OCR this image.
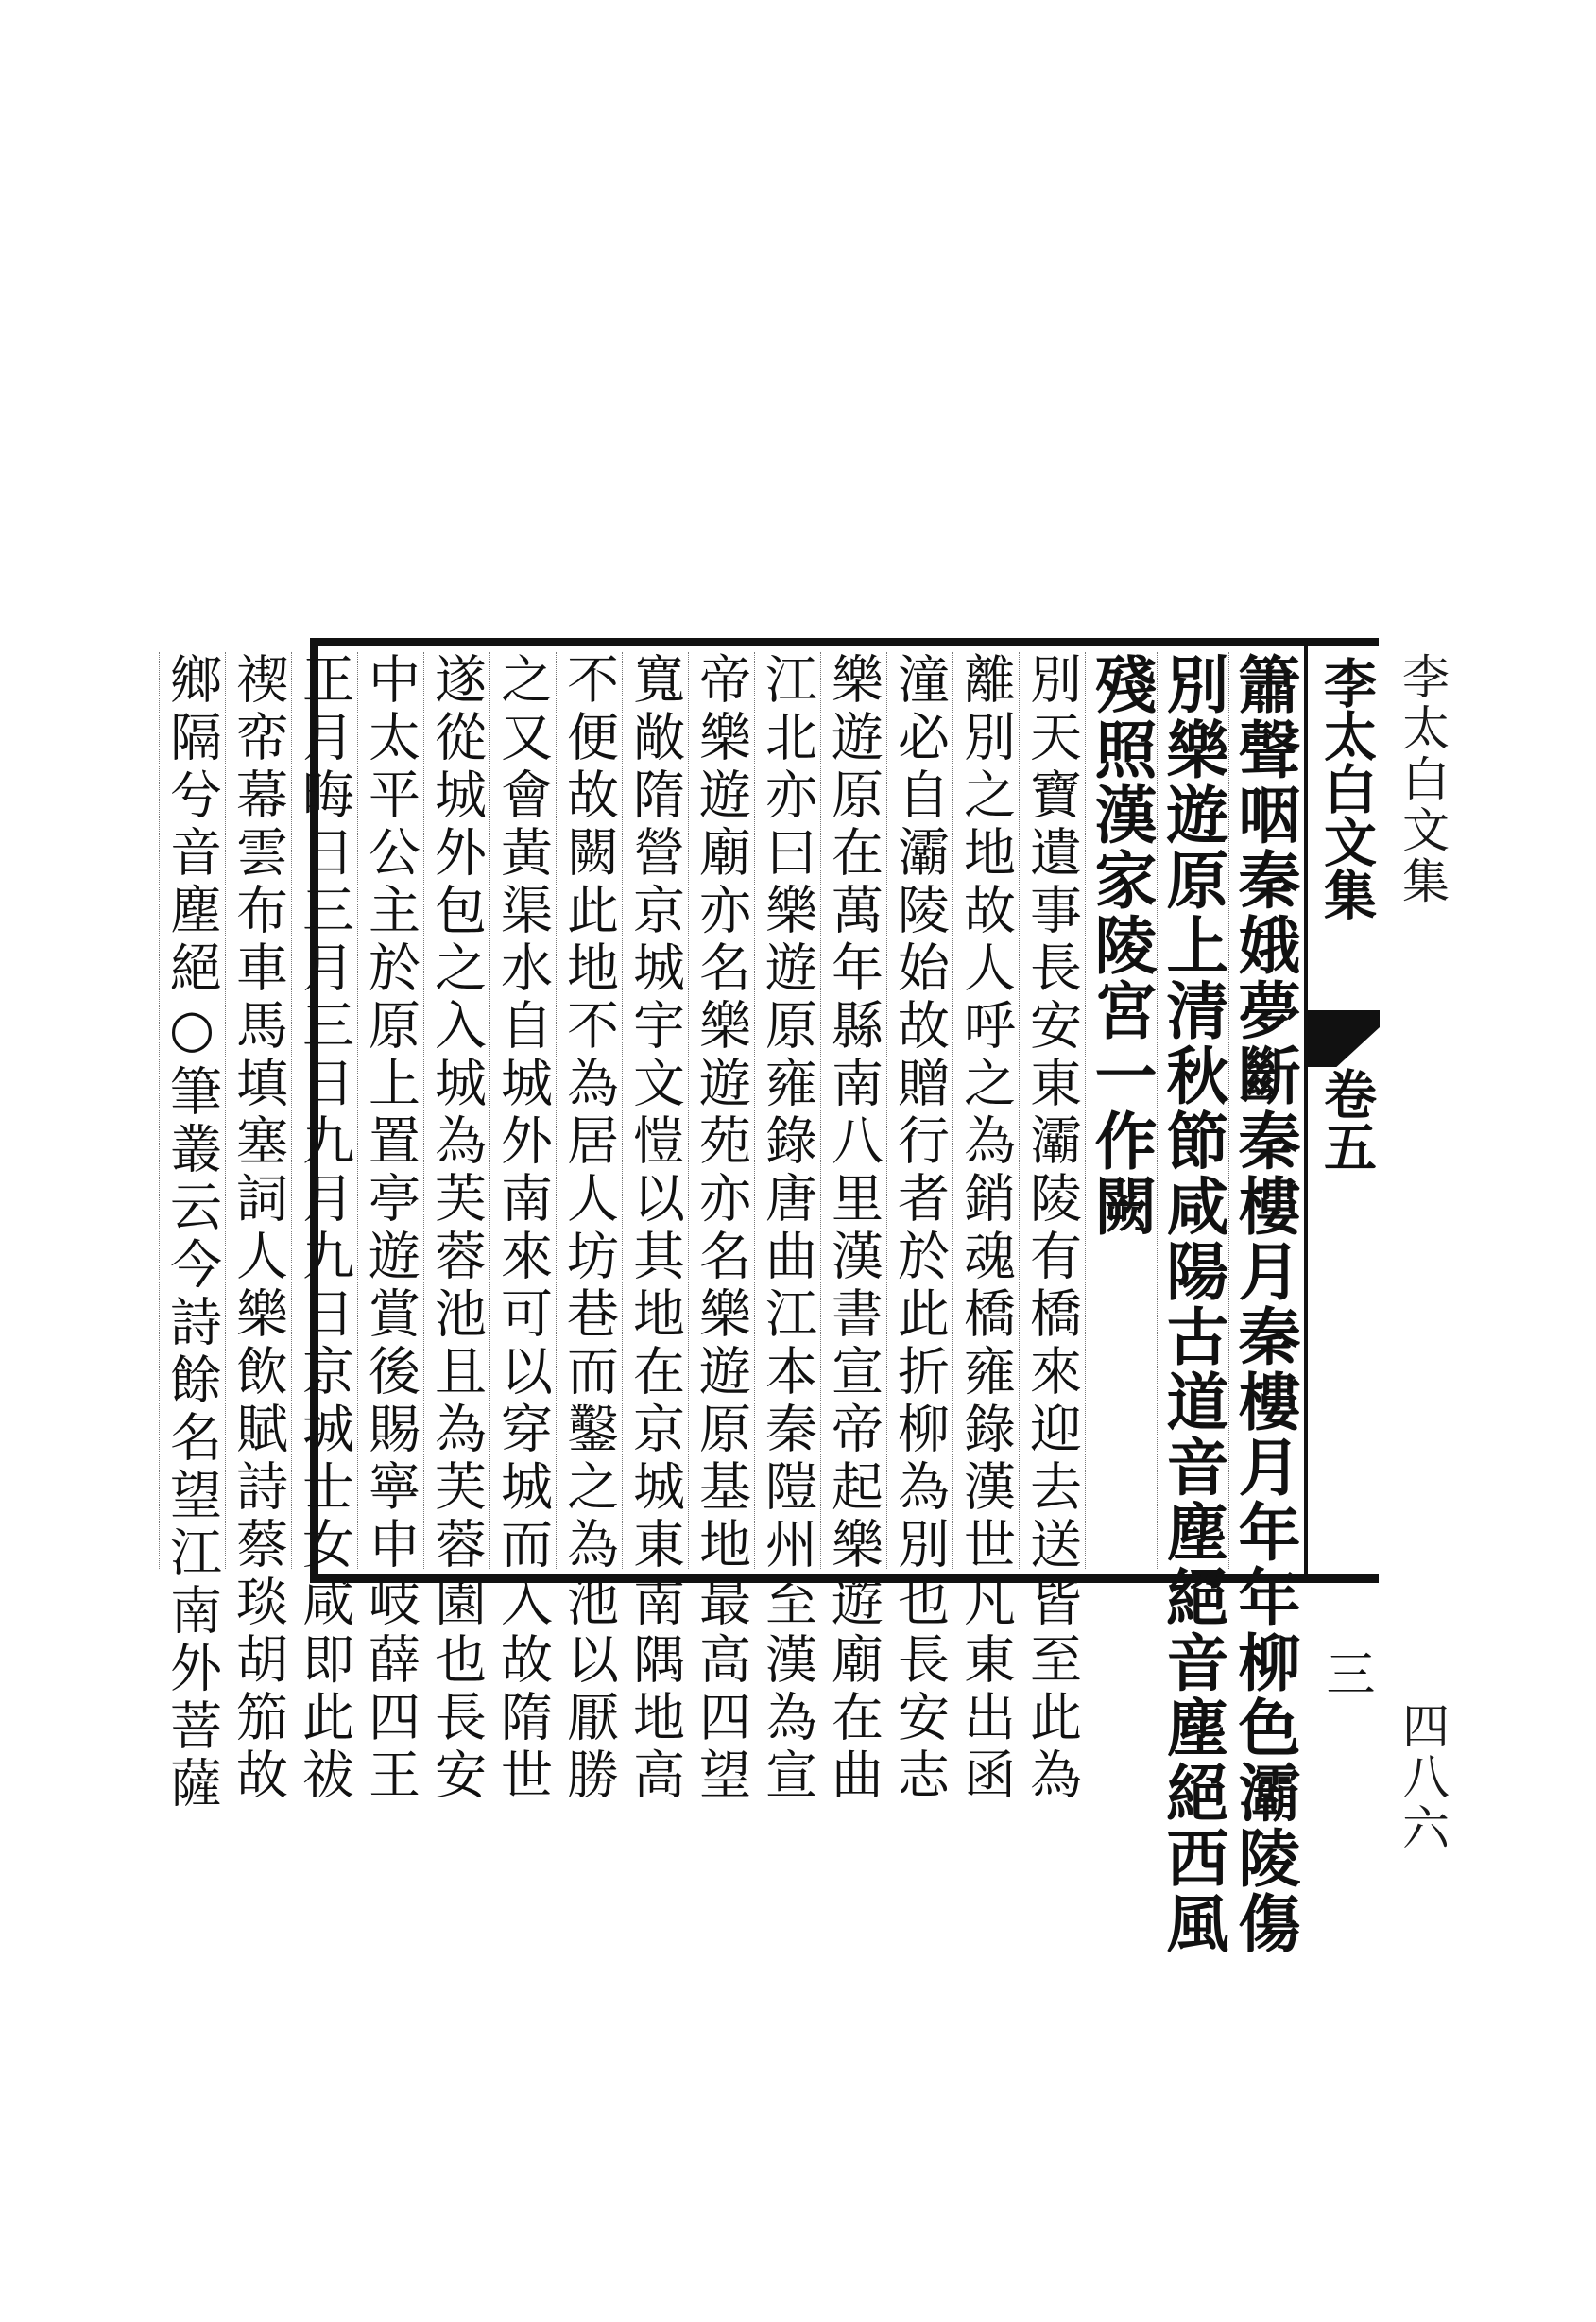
李太白文集
四八六
李太白文集
卷五
三
簫聲咽秦娥夢斷秦樓月秦樓月年年柳色灞陵傷
別樂遊原上清秋節咸陽古道音塵絕音塵絕西風
殘照漢家陵宮一作闕
別天寶遺事長安東灞陵有橋來迎去送皆至此為
離別之地故人呼之為銷魂橋雍錄漢世凡東出函
潼必自灞陵始故贈行者於此折柳為別也長安志
樂遊原在萬年縣南八里漢書宣帝起樂遊廟在曲
江北亦曰樂遊原雍錄唐曲江本秦隑州至漢為宣
帝樂遊廟亦名樂遊苑亦名樂遊原基地最高四望
寬敞隋營京城宇文愷以其地在京城東南隅地高
不便故闕此地不為居人坊巷而鑿之為池以厭勝
之又會黃渠水自城外南來可以穿城而入故隋世
遂從城外包之入城為芙蓉池且為芙蓉園也長安
中太平公主於原上置亭遊賞後賜寧申岐薛四王
正月晦日三月三日九月九日京城士女咸即此祓
禊帟幕雲布車馬填塞詞人樂飲賦詩蔡琰胡笳故
鄉隔兮音塵絕○筆叢云今詩餘名望江南外菩薩
